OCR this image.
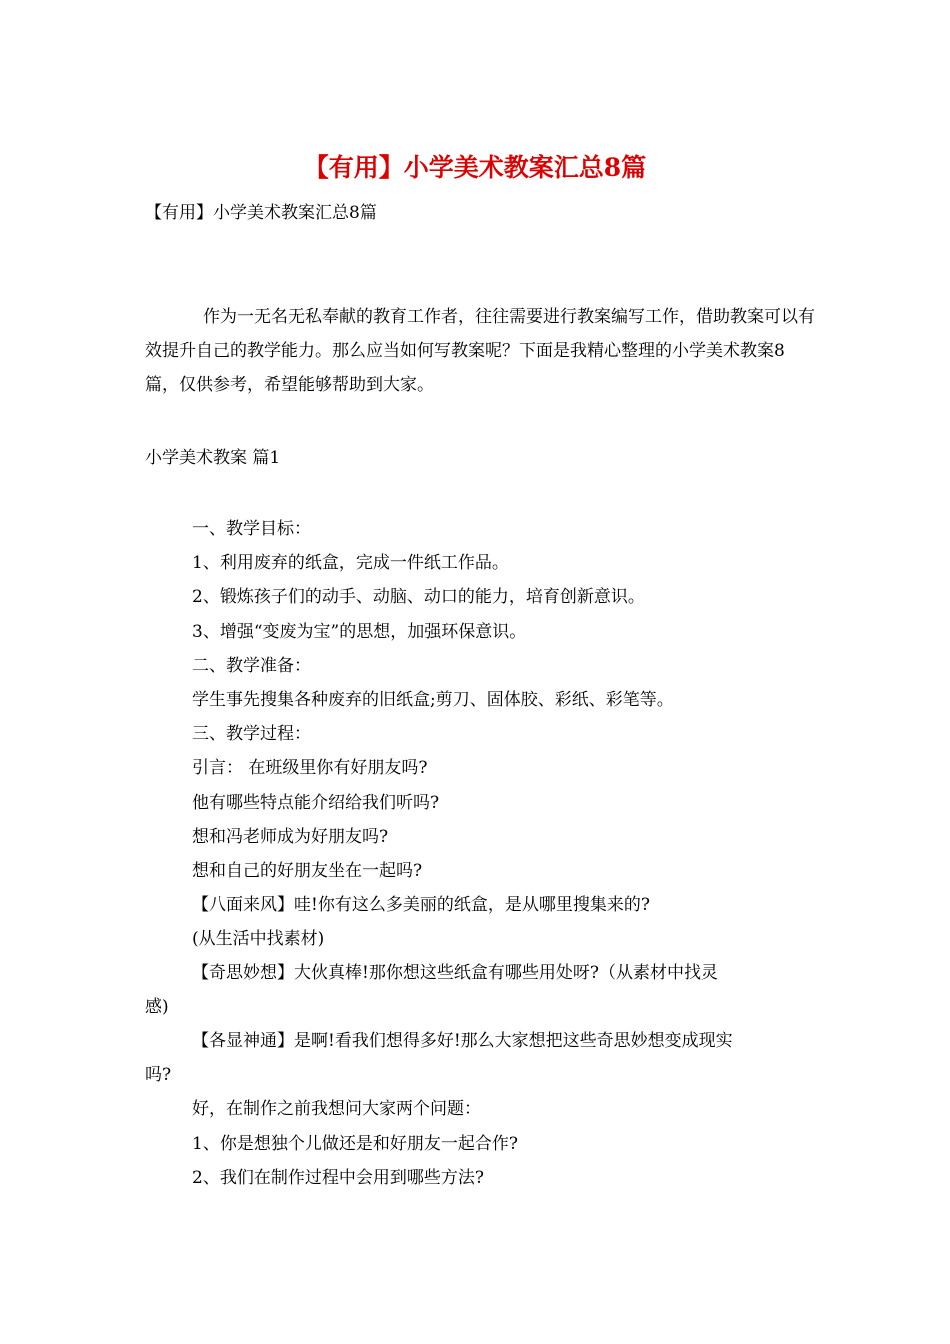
【有用】小学美术教案汇总8篇
【有用】小学美术教案汇总8篇

作为一无名无私奉献的教育工作者，往往需要进行教案编写工作，借助教案可以有效提升自己的教学能力。那么应当如何写教案呢？下面是我精心整理的小学美术教案8篇，仅供参考，希望能够帮助到大家。

小学美术教案 篇1
一、教学目标：
1、利用废弃的纸盒，完成一件纸工作品。
2、锻炼孩子们的动手、动脑、动口的能力，培育创新意识。
3、增强“变废为宝”的思想，加强环保意识。
二、教学准备：
学生事先搜集各种废弃的旧纸盒;剪刀、固体胶、彩纸、彩笔等。
三、教学过程：
引言： 在班级里你有好朋友吗?
他有哪些特点能介绍给我们听吗?
想和冯老师成为好朋友吗?
想和自己的好朋友坐在一起吗?
【八面来风】哇!你有这么多美丽的纸盒，是从哪里搜集来的?
(从生活中找素材)
【奇思妙想】大伙真棒!那你想这些纸盒有哪些用处呀?（从素材中找灵
感)
【各显神通】是啊!看我们想得多好!那么大家想把这些奇思妙想变成现实
吗?
好，在制作之前我想问大家两个问题：
1、你是想独个儿做还是和好朋友一起合作?
2、我们在制作过程中会用到哪些方法?
